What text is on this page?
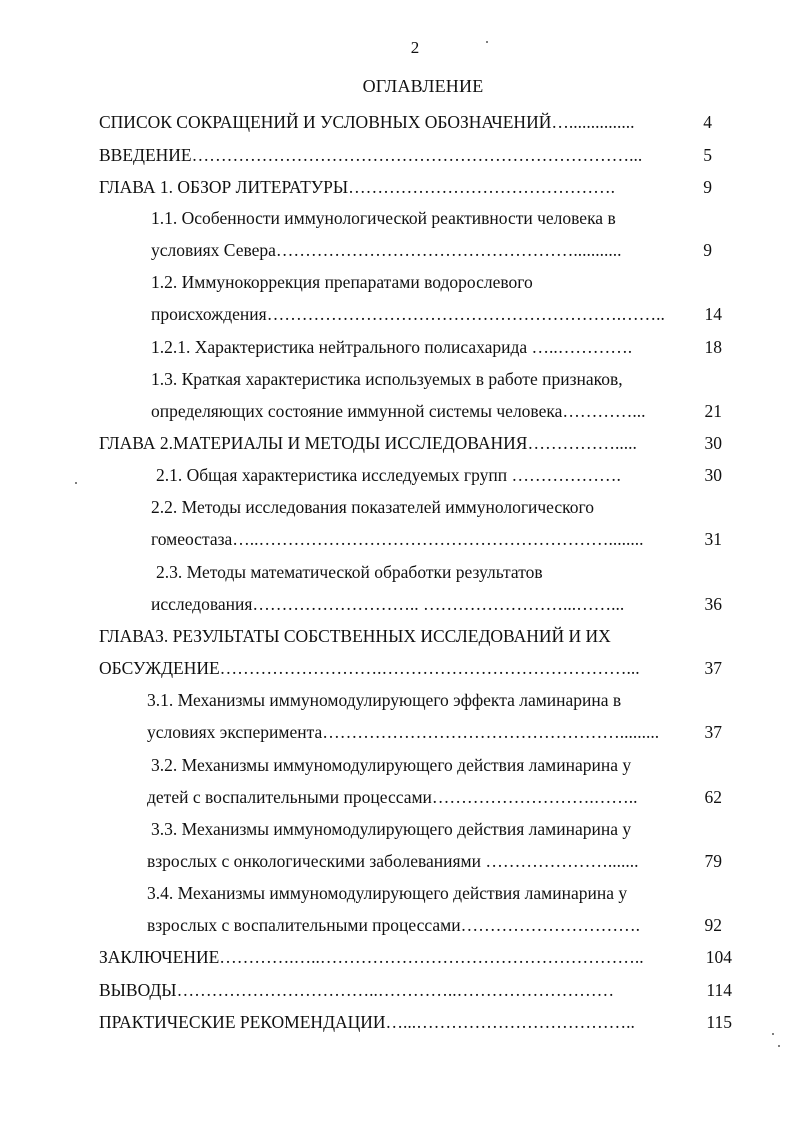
2
ОГЛАВЛЕНИЕ
СПИСОК СОКРАЩЕНИЙ И УСЛОВНЫХ ОБОЗНАЧЕНИЙ…...............	4
ВВЕДЕНИЕ…………………………………………………………………...	5
ГЛАВА 1. ОБЗОР ЛИТЕРАТУРЫ……………………………………….	9
1.1. Особенности иммунологической реактивности человека в
условиях Севера……………………………………………...........	9
1.2. Иммунокоррекция препаратами водорослевого
происхождения…………………………………………………….……..	14
1.2.1. Характеристика нейтрального полисахарида …..………….	18
1.3. Краткая характеристика используемых в работе признаков,
определяющих состояние иммунной системы человека…………...	21
ГЛАВА 2.МАТЕРИАЛЫ И МЕТОДЫ ИССЛЕДОВАНИЯ…………….....	30
2.1. Общая характеристика исследуемых групп ……………….	30
2.2. Методы исследования показателей иммунологического
гомеостаза…..……………………………………………………........	31
2.3. Методы математической обработки результатов
исследования……………………….. ……………………...……...	36
ГЛАВАЗ. РЕЗУЛЬТАТЫ СОБСТВЕННЫХ ИССЛЕДОВАНИЙ И ИХ
ОБСУЖДЕНИЕ……………………….……………………………………...	37
3.1. Механизмы иммуномодулирующего эффекта ламинарина в
условиях эксперимента…………………………………………….........	37
3.2. Механизмы иммуномодулирующего действия ламинарина у
детей с воспалительными процессами……………………….……..	62
3.3. Механизмы иммуномодулирующего действия ламинарина у
взрослых с онкологическими заболеваниями ………………….......	79
3.4. Механизмы иммуномодулирующего действия ламинарина у
взрослых с воспалительными процессами………………………….	92
ЗАКЛЮЧЕНИЕ………….…..………………………………………………..	104
ВЫВОДЫ……………………………..…………..………………………	114
ПРАКТИЧЕСКИЕ РЕКОМЕНДАЦИИ…...………………………………..	115
